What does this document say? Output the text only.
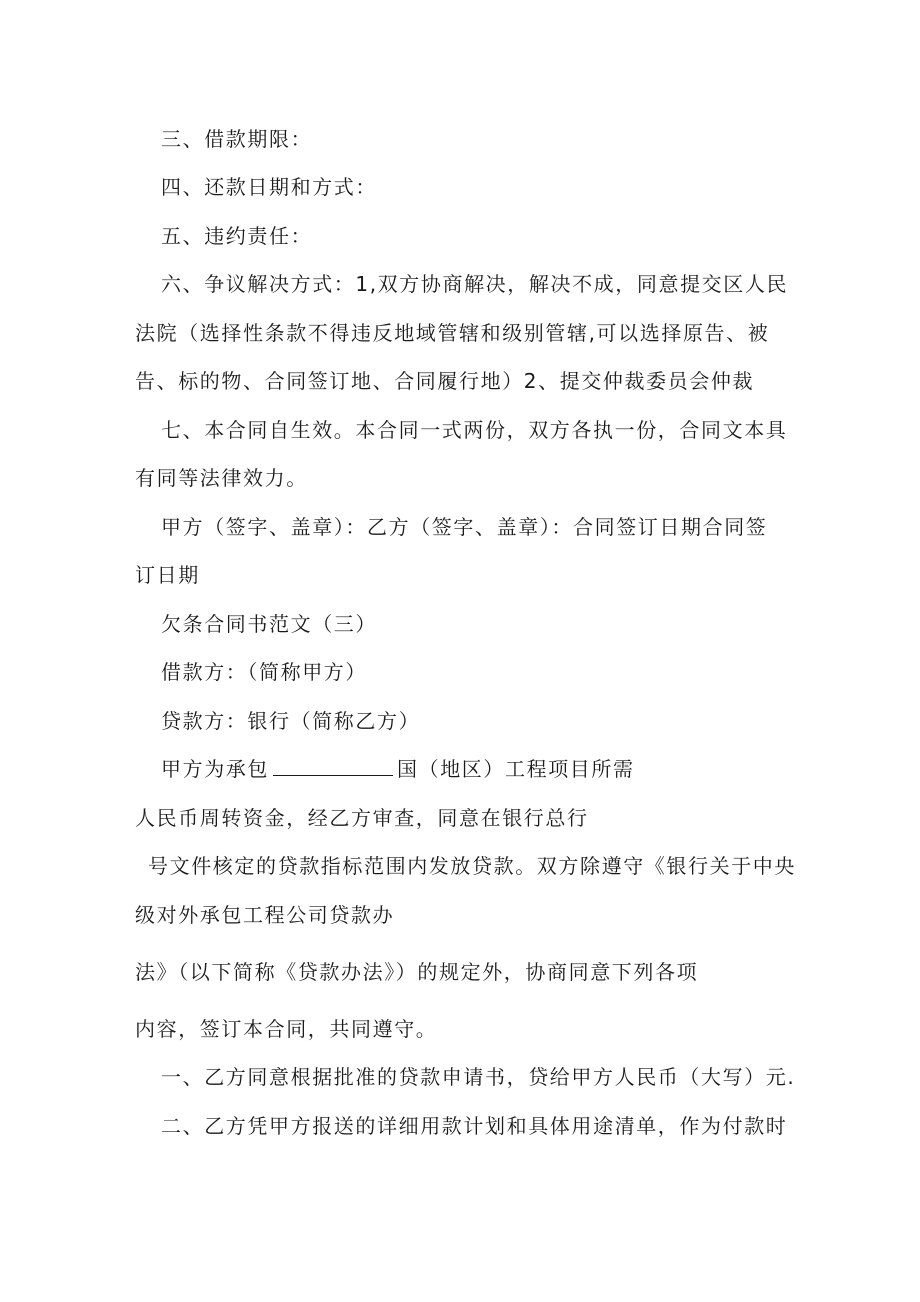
三、借款期限：
四、还款日期和方式：
五、违约责任：
六、争议解决方式：1,双方协商解决，解决不成，同意提交区人民
法院（选择性条款不得违反地域管辖和级别管辖,可以选择原告、被
告、标的物、合同签订地、合同履行地）2、提交仲裁委员会仲裁
七、本合同自生效。本合同一式两份，双方各执一份，合同文本具
有同等法律效力。
甲方（签字、盖章）：乙方（签字、盖章）：合同签订日期合同签
订日期
欠条合同书范文（三）
借款方：（简称甲方）
贷款方：银行（简称乙方）
甲方为承包	国（地区）工程项目所需
人民币周转资金，经乙方审查，同意在银行总行
号文件核定的贷款指标范围内发放贷款。双方除遵守《银行关于中央
级对外承包工程公司贷款办
法》（以下简称《贷款办法》）的规定外，协商同意下列各项
内容，签订本合同，共同遵守。
一、乙方同意根据批准的贷款申请书，贷给甲方人民币（大写）元.
二、乙方凭甲方报送的详细用款计划和具体用途清单，作为付款时
